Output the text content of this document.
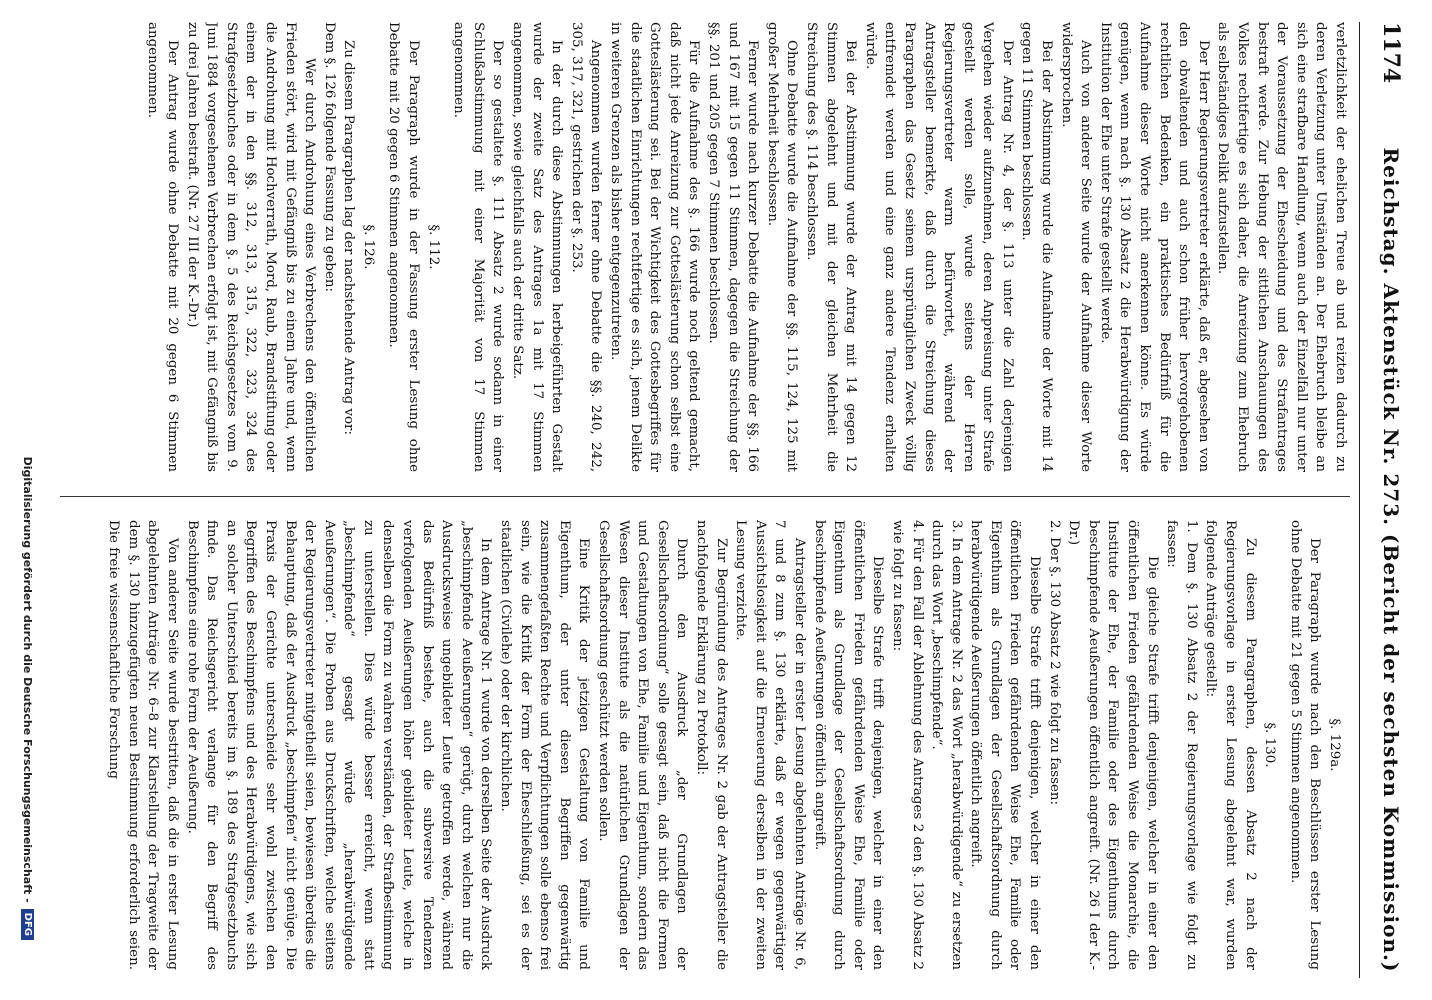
1174
Reichstag. Aktenstück Nr. 273. (Bericht der sechsten Kommission.)

verletzlichkeit der ehelichen Treue ab und reizten dadurch zu deren Verletzung unter Umständen an. Der Ehebruch bleibe an sich eine strafbare Handlung, wenn auch der Einzelfall nur unter der Voraussetzung der Ehescheidung und des Strafantrages bestraft werde. Zur Hebung der sittlichen Anschauungen des Volkes rechtfertige es sich daher, die Anreizung zum Ehebruch als selbständiges Delikt aufzustellen.

Der Herr Regierungsvertreter erklärte, daß er, abgesehen von den obwaltenden und auch schon früher hervorgehobenen rechtlichen Bedenken, ein praktisches Bedürfniß für die Aufnahme dieser Worte nicht anerkennen könne. Es würde genügen, wenn nach §. 130 Absatz 2 die Herabwürdigung der Institution der Ehe unter Strafe gestellt werde.

Auch von anderer Seite wurde der Aufnahme dieser Worte widersprochen.

Bei der Abstimmung wurde die Aufnahme der Worte mit 14 gegen 11 Stimmen beschlossen.

Der Antrag Nr. 4, der §. 113 unter die Zahl derjenigen Vergehen wieder aufzunehmen, deren Anpreisung unter Strafe gestellt werden solle, wurde seitens der Herren Regierungsvertreter warm befürwortet, während der Antragsteller bemerkte, daß durch die Streichung dieses Paragraphen das Gesetz seinem ursprünglichen Zweck völlig entfremdet werden und eine ganz andere Tendenz erhalten würde.

Bei der Abstimmung wurde der Antrag mit 14 gegen 12 Stimmen abgelehnt und mit der gleichen Mehrheit die Streichung des §. 114 beschlossen.

Ohne Debatte wurde die Aufnahme der §§. 115, 124, 125 mit großer Mehrheit beschlossen.

Ferner wurde nach kurzer Debatte die Aufnahme der §§. 166 und 167 mit 15 gegen 11 Stimmen, dagegen die Streichung der §§. 201 und 205 gegen 7 Stimmen beschlossen.

Für die Aufnahme des §. 166 wurde noch geltend gemacht, daß nicht jede Anreizung zur Gotteslästerung schon selbst eine Gotteslästerung sei. Bei der Wichtigkeit des Gottesbegriffes für die staatlichen Einrichtungen rechtfertige es sich, jenem Delikte in weiteren Grenzen als bisher entgegenzutreten.

Angenommen wurden ferner ohne Debatte die §§. 240, 242, 305, 317, 321, gestrichen der §. 253.

In der durch diese Abstimmungen herbeigeführten Gestalt wurde der zweite Satz des Antrages 1a mit 17 Stimmen angenommen, sowie gleichfalls auch der dritte Satz.

Der so gestaltete §. 111 Absatz 2 wurde sodann in einer Schlußabstimmung mit einer Majorität von 17 Stimmen angenommen.

§. 112.

Der Paragraph wurde in der Fassung erster Lesung ohne Debatte mit 20 gegen 6 Stimmen angenommen.

§. 126.

Zu diesem Paragraphen lag der nachstehende Antrag vor:

Dem §. 126 folgende Fassung zu geben:

Wer durch Androhung eines Verbrechens den öffentlichen Frieden stört, wird mit Gefängniß bis zu einem Jahre und, wenn die Androhung mit Hochverrath, Mord, Raub, Brandstiftung oder einem der in den §§. 312, 313, 315, 322, 323, 324 des Strafgesetzbuches oder in dem §. 5 des Reichsgesetzes vom 9. Juni 1884 vorgesehenen Verbrechen erfolgt ist, mit Gefängniß bis zu drei Jahren bestraft. (Nr. 27 III der K.-Dr.)

Der Antrag wurde ohne Debatte mit 20 gegen 6 Stimmen angenommen.

§. 129a.

Der Paragraph wurde nach den Beschlüssen erster Lesung ohne Debatte mit 21 gegen 5 Stimmen angenommen.

§. 130.

Zu diesem Paragraphen, dessen Absatz 2 nach der Regierungsvorlage in erster Lesung abgelehnt war, wurden folgende Anträge gestellt:

1. Dem §. 130 Absatz 2 der Regierungsvorlage wie folgt zu fassen:

Die gleiche Strafe trifft denjenigen, welcher in einer den öffentlichen Frieden gefährdenden Weise die Monarchie, die Institute der Ehe, der Familie oder des Eigenthums durch beschimpfende Aeußerungen öffentlich angreift. (Nr. 26 I der K.-Dr.)

2. Der §. 130 Absatz 2 wie folgt zu fassen:

Dieselbe Strafe trifft denjenigen, welcher in einer den öffentlichen Frieden gefährdenden Weise Ehe, Familie oder Eigenthum als Grundlagen der Gesellschaftsordnung durch herabwürdigende Aeußerungen öffentlich angreift.

3. In dem Antrage Nr. 2 das Wort „herabwürdigende“ zu ersetzen durch das Wort „beschimpfende“.

4. Für den Fall der Ablehnung des Antrages 2 den §. 130 Absatz 2 wie folgt zu fassen:

Dieselbe Strafe trifft denjenigen, welcher in einer den öffentlichen Frieden gefährdenden Weise Ehe, Familie oder Eigenthum als Grundlage der Gesellschaftsordnung durch beschimpfende Aeußerungen öffentlich angreift.

Antragsteller der in erster Lesung abgelehnten Anträge Nr. 6, 7 und 8 zum §. 130 erklärte, daß er wegen gegenwärtiger Aussichtslosigkeit auf die Erneuerung derselben in der zweiten Lesung verzichte.

Zur Begründung des Antrages Nr. 2 gab der Antragsteller die nachfolgende Erklärung zu Protokoll:

Durch den Ausdruck „der Grundlagen der Gesellschaftsordnung“ solle gesagt sein, daß nicht die Formen und Gestaltungen von Ehe, Familie und Eigenthum, sondern das Wesen dieser Institute als die natürlichen Grundlagen der Gesellschaftsordnung geschützt werden sollen.

Eine Kritik der jetzigen Gestaltung von Familie und Eigenthum, der unter diesen Begriffen gegenwärtig zusammengefaßten Rechte und Verpflichtungen solle ebenso frei sein, wie die Kritik der Form der Eheschließung, sei es der staatlichen (Civilehe) oder der kirchlichen.

In dem Antrage Nr. 1 wurde von derselben Seite der Ausdruck „beschimpfende Aeußerungen“ gerügt, durch welchen nur die Ausdrucksweise ungebildeter Leute getroffen werde, während das Bedürfniß bestehe, auch die subversive Tendenzen verfolgenden Aeußerungen höher gebildeter Leute, welche in denselben die Form zu wahren verständen, der Strafbestimmung zu unterstellen. Dies würde besser erreicht, wenn statt „beschimpfende“ gesagt würde „herabwürdigende Aeußerungen“. Die Proben aus Druckschriften, welche seitens der Regierungsvertreter mitgetheilt seien, bewiesen überdies die Behauptung, daß der Ausdruck „beschimpfen“ nicht genüge. Die Praxis der Gerichte unterscheide sehr wohl zwischen den Begriffen des Beschimpfens und des Herabwürdigens, wie sich an solcher Unterschied bereits im §. 189 des Strafgesetzbuchs finde. Das Reichsgericht verlange für den Begriff des Beschimpfens eine rohe Form der Aeußerung.

Von anderer Seite wurde bestritten, daß die in erster Lesung abgelehnten Anträge Nr. 6–8 zur Klarstellung der Tragweite der dem §. 130 hinzugefügten neuen Bestimmung erforderlich seien. Die freie wissenschaftliche Forschung

Digitalisierung gefördert durch die Deutsche Forschungsgemeinschaft -
DFG
